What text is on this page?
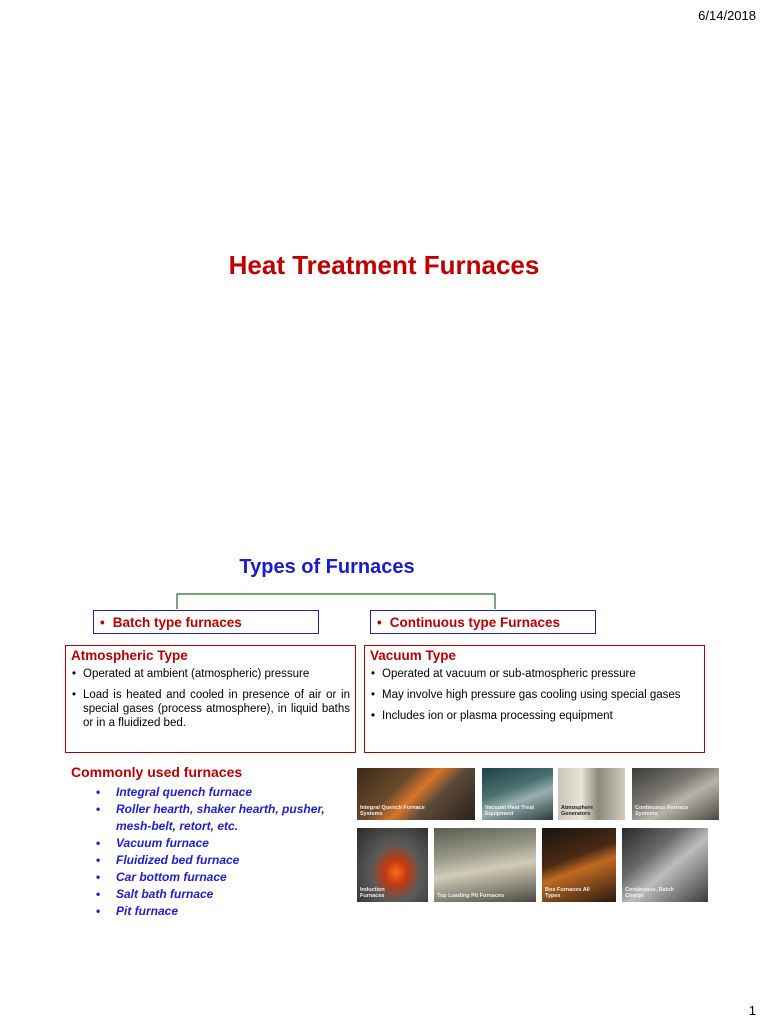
6/14/2018
Heat Treatment Furnaces
Types of Furnaces
• Batch type furnaces	• Continuous type Furnaces
Atmospheric Type
• Operated at ambient (atmospheric) pressure
• Load is heated and cooled in presence of air or in special gases (process atmosphere), in liquid baths or in a fluidized bed.
Vacuum Type
• Operated at vacuum or sub-atmospheric pressure
• May involve high pressure gas cooling using special gases
• Includes ion or plasma processing equipment
Commonly used furnaces
• Integral quench furnace
• Roller hearth, shaker hearth, pusher, mesh-belt, retort, etc.
• Vacuum furnace
• Fluidized bed furnace
• Car bottom furnace
• Salt bath furnace
• Pit furnace
Integral Quench Furnace Systems
Vacuum Heat Treat Equipment
Atmosphere Generators
Continuous Furnace Systems
Induction Furnaces	Top Loading Pit Furnaces
Box Furnaces All Types
Continuous, Batch Charge
1
